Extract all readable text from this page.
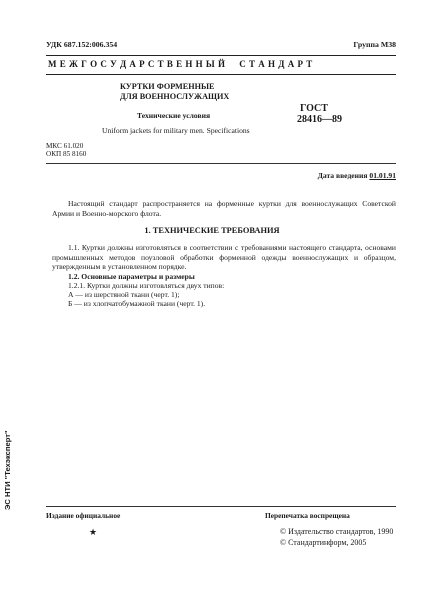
УДК 687.152:006.354	Группа М38
М Е Ж Г О С У Д А Р С Т В Е Н Н Ы Й     С Т А Н Д А Р Т
КУРТКИ ФОРМЕННЫЕ
ДЛЯ ВОЕННОСЛУЖАЩИХ
Технические условия
Uniform jackets for military men. Specifications
ГОСТ
28416—89
МКС 61.020
ОКП 85 8160
Дата введения 01.01.91

Настоящий стандарт распространяется на форменные куртки для военнослужащих Советской Армии и Военно-морского флота.

1. ТЕХНИЧЕСКИЕ ТРЕБОВАНИЯ

1.1. Куртки должны изготовляться в соответствии с требованиями настоящего стандарта, основами промышленных методов поузловой обработки форменной одежды военнослужащих и образцом, утвержденным в установленном порядке.

1.2. Основные параметры и размеры
1.2.1. Куртки должны изготовляться двух типов:
А — из шерстяной ткани (черт. 1);
Б — из хлопчатобумажной ткани (черт. 1).
ЭС НТИ "Техэксперт"
Издание официальное	Перепечатка воспрещена
★	© Издательство стандартов, 1990
© Стандартинформ, 2005
